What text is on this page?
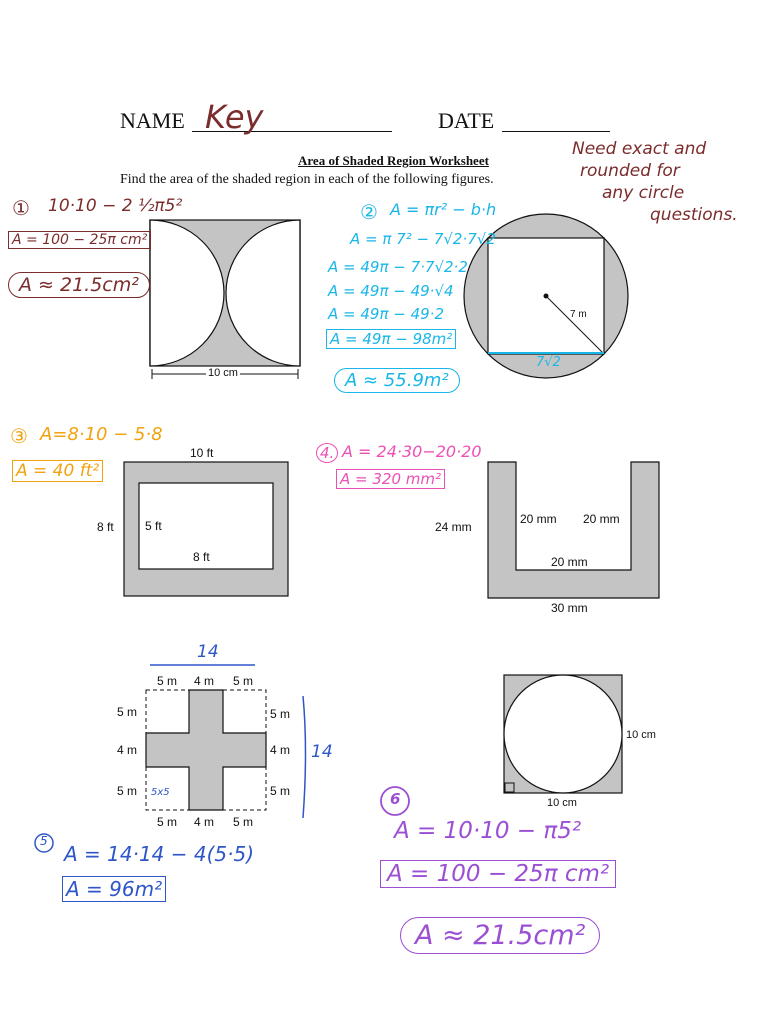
NAME Key	DATE
Area of Shaded Region Worksheet
Find the area of the shaded region in each of the following figures.
Need exact and
rounded for
any circle
questions.
① 10·10 − 2 ½π5²
A = 100 − 25π cm²
A ≈ 21.5cm²
10 cm
② A = πr² − b·h
A = π 7² − 7√2·7√2
A = 49π − 7·7√2·2
A = 49π − 49·√4
A = 49π − 49·2
A = 49π − 98m²
A ≈ 55.9m²
7 m
7√2
③ A=8·10 − 5·8
A = 40 ft²
10 ft
8 ft	5 ft
8 ft
4. A = 24·30−20·20
A = 320 mm²
24 mm
20 mm 20 mm
20 mm
30 mm
14
14
5 m 4 m 5 m
5 m 4 m 5 m
5 m
4 m
5 m
5 m
4 m
5 m
5x5
5
A = 14·14 − 4(5·5)
A = 96m²
10 cm
10 cm
6
A = 10·10 − π5²
A = 100 − 25π cm²
A ≈ 21.5cm²
